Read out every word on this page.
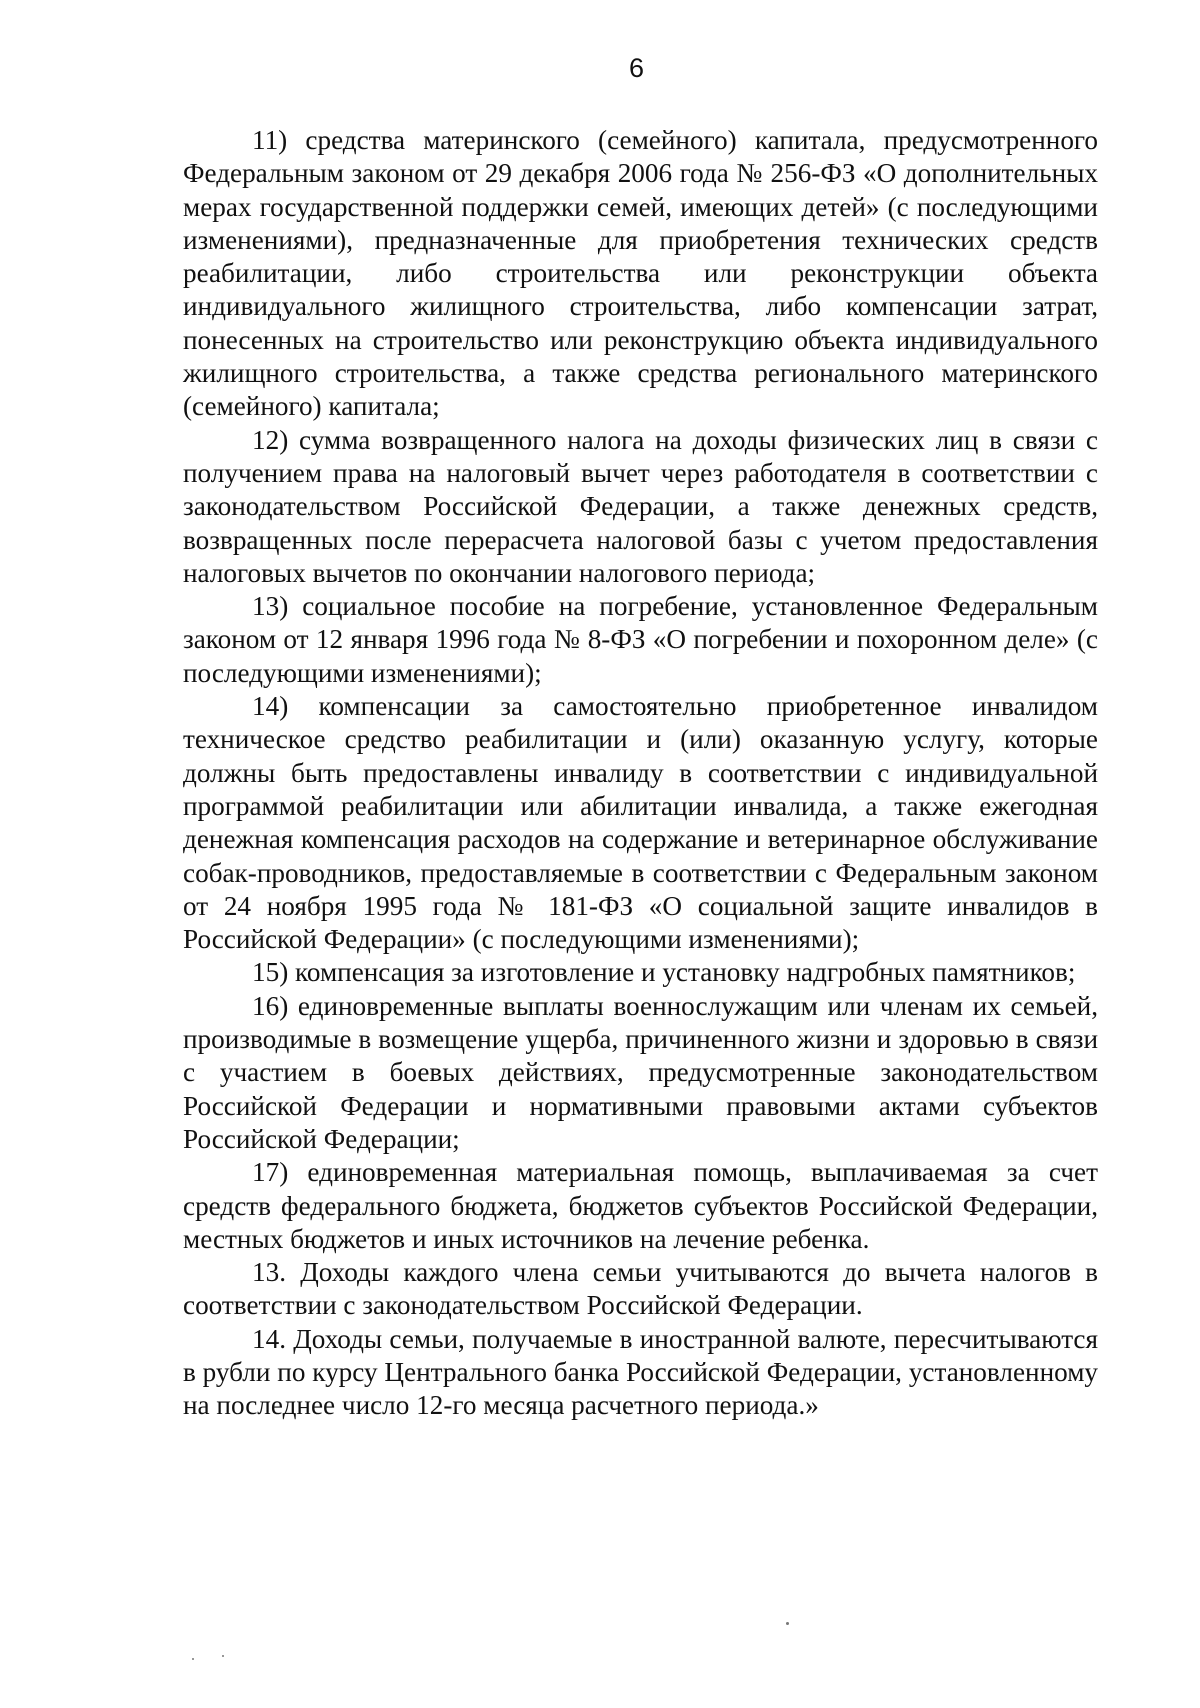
6

11) средства материнского (семейного) капитала, предусмотренного Федеральным законом от 29 декабря 2006 года № 256-ФЗ «О дополнительных мерах государственной поддержки семей, имеющих детей» (с последующими изменениями), предназначенные для приобретения технических средств реабилитации, либо строительства или реконструкции объекта индивидуального жилищного строительства, либо компенсации затрат, понесенных на строительство или реконструкцию объекта индивидуального жилищного строительства, а также средства регионального материнского (семейного) капитала;

12) сумма возвращенного налога на доходы физических лиц в связи с получением права на налоговый вычет через работодателя в соответствии с законодательством Российской Федерации, а также денежных средств, возвращенных после перерасчета налоговой базы с учетом предоставления налоговых вычетов по окончании налогового периода;

13) социальное пособие на погребение, установленное Федеральным законом от 12 января 1996 года № 8-ФЗ «О погребении и похоронном деле» (с последующими изменениями);

14) компенсации за самостоятельно приобретенное инвалидом техническое средство реабилитации и (или) оказанную услугу, которые должны быть предоставлены инвалиду в соответствии с индивидуальной программой реабилитации или абилитации инвалида, а также ежегодная денежная компенсация расходов на содержание и ветеринарное обслуживание собак-проводников, предоставляемые в соответствии с Федеральным законом от 24 ноября 1995 года № 181-ФЗ «О социальной защите инвалидов в Российской Федерации» (с последующими изменениями);

15) компенсация за изготовление и установку надгробных памятников;

16) единовременные выплаты военнослужащим или членам их семьей, производимые в возмещение ущерба, причиненного жизни и здоровью в связи с участием в боевых действиях, предусмотренные законодательством Российской Федерации и нормативными правовыми актами субъектов Российской Федерации;

17) единовременная материальная помощь, выплачиваемая за счет средств федерального бюджета, бюджетов субъектов Российской Федерации, местных бюджетов и иных источников на лечение ребенка.

13. Доходы каждого члена семьи учитываются до вычета налогов в соответствии с законодательством Российской Федерации.

14. Доходы семьи, получаемые в иностранной валюте, пересчитываются в рубли по курсу Центрального банка Российской Федерации, установленному на последнее число 12-го месяца расчетного периода.»
